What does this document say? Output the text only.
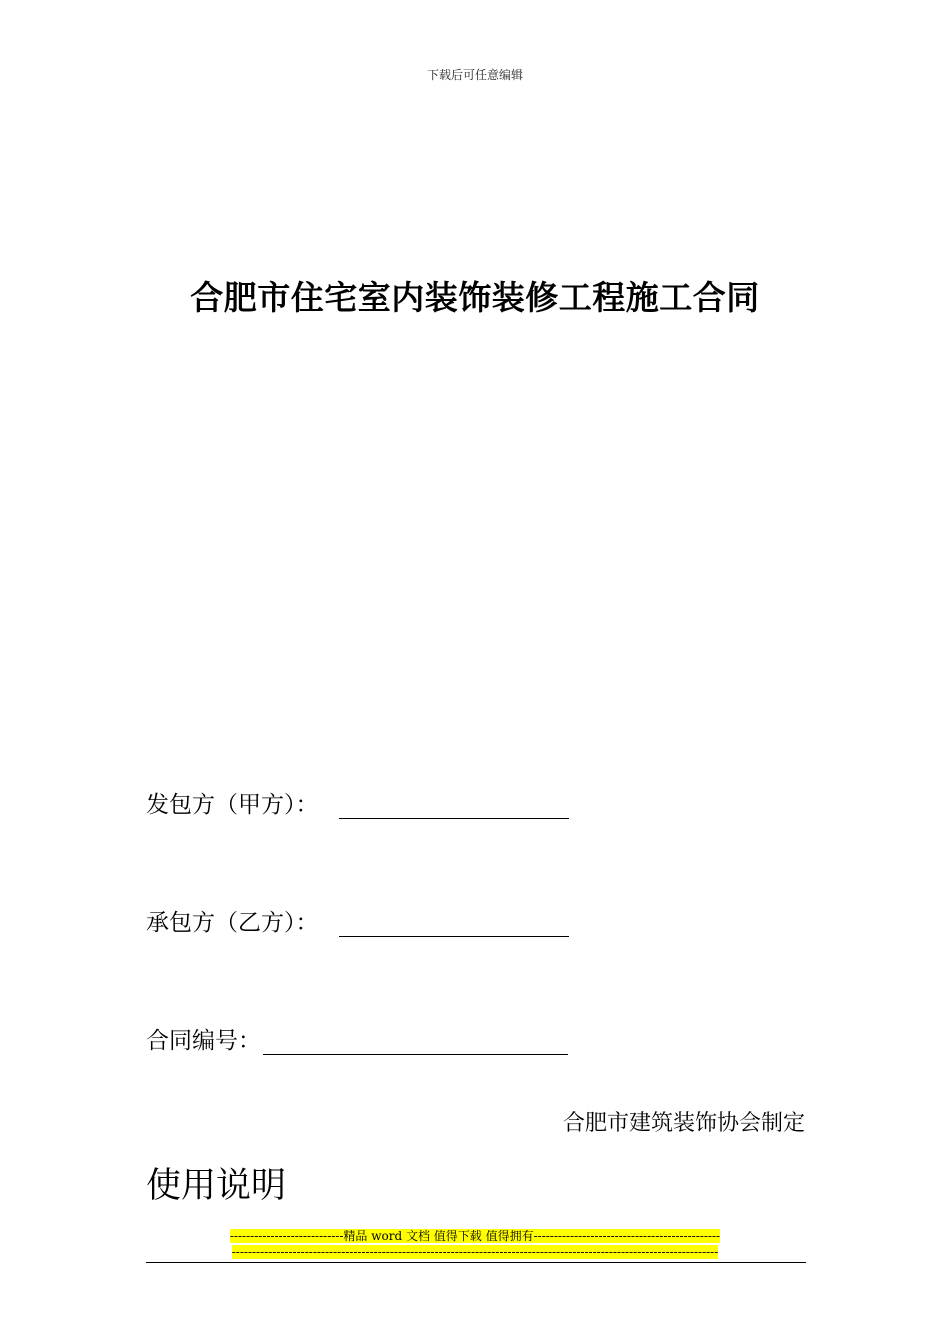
下载后可任意编辑
合肥市住宅室内装饰装修工程施工合同
发包方（甲方）：
承包方（乙方）：
合同编号：
合肥市建筑装饰协会制定
使用说明
----------------------------精品 word 文档 值得下载 值得拥有----------------------------------------------
------------------------------------------------------------------------------------------------------------------------
